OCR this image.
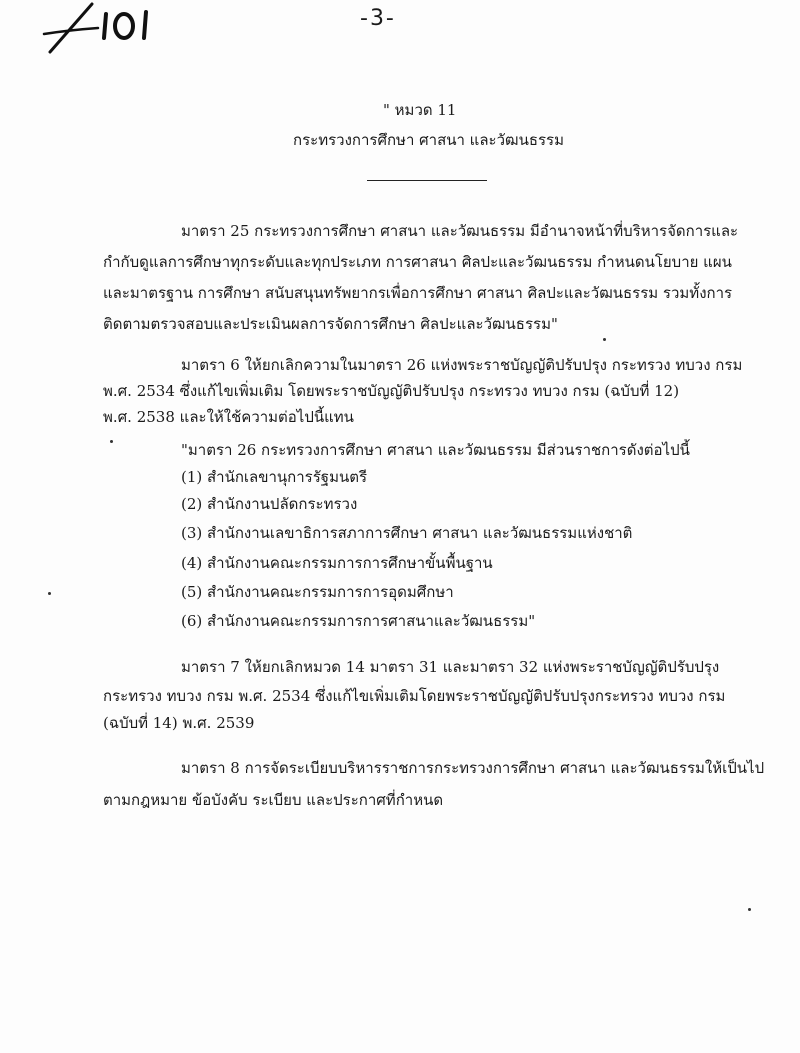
-3-
" หมวด 11
กระทรวงการศึกษา ศาสนา และวัฒนธรรม
มาตรา 25 กระทรวงการศึกษา ศาสนา และวัฒนธรรม มีอำนาจหน้าที่บริหารจัดการและ
กำกับดูแลการศึกษาทุกระดับและทุกประเภท การศาสนา ศิลปะและวัฒนธรรม กำหนดนโยบาย แผน
และมาตรฐาน การศึกษา สนับสนุนทรัพยากรเพื่อการศึกษา ศาสนา ศิลปะและวัฒนธรรม รวมทั้งการ
ติดตามตรวจสอบและประเมินผลการจัดการศึกษา ศิลปะและวัฒนธรรม"
มาตรา 6 ให้ยกเลิกความในมาตรา 26 แห่งพระราชบัญญัติปรับปรุง กระทรวง ทบวง กรม
พ.ศ. 2534 ซึ่งแก้ไขเพิ่มเติม โดยพระราชบัญญัติปรับปรุง กระทรวง ทบวง กรม (ฉบับที่ 12)
พ.ศ. 2538 และให้ใช้ความต่อไปนี้แทน
"มาตรา 26 กระทรวงการศึกษา ศาสนา และวัฒนธรรม มีส่วนราชการดังต่อไปนี้
(1) สำนักเลขานุการรัฐมนตรี
(2) สำนักงานปลัดกระทรวง
(3) สำนักงานเลขาธิการสภาการศึกษา ศาสนา และวัฒนธรรมแห่งชาติ
(4) สำนักงานคณะกรรมการการศึกษาขั้นพื้นฐาน
(5) สำนักงานคณะกรรมการการอุดมศึกษา
(6) สำนักงานคณะกรรมการการศาสนาและวัฒนธรรม"
มาตรา 7 ให้ยกเลิกหมวด 14 มาตรา 31 และมาตรา 32 แห่งพระราชบัญญัติปรับปรุง
กระทรวง ทบวง กรม พ.ศ. 2534 ซึ่งแก้ไขเพิ่มเติมโดยพระราชบัญญัติปรับปรุงกระทรวง ทบวง กรม
(ฉบับที่ 14) พ.ศ. 2539
มาตรา 8 การจัดระเบียบบริหารราชการกระทรวงการศึกษา ศาสนา และวัฒนธรรมให้เป็นไป
ตามกฎหมาย ข้อบังคับ ระเบียบ และประกาศที่กำหนด
